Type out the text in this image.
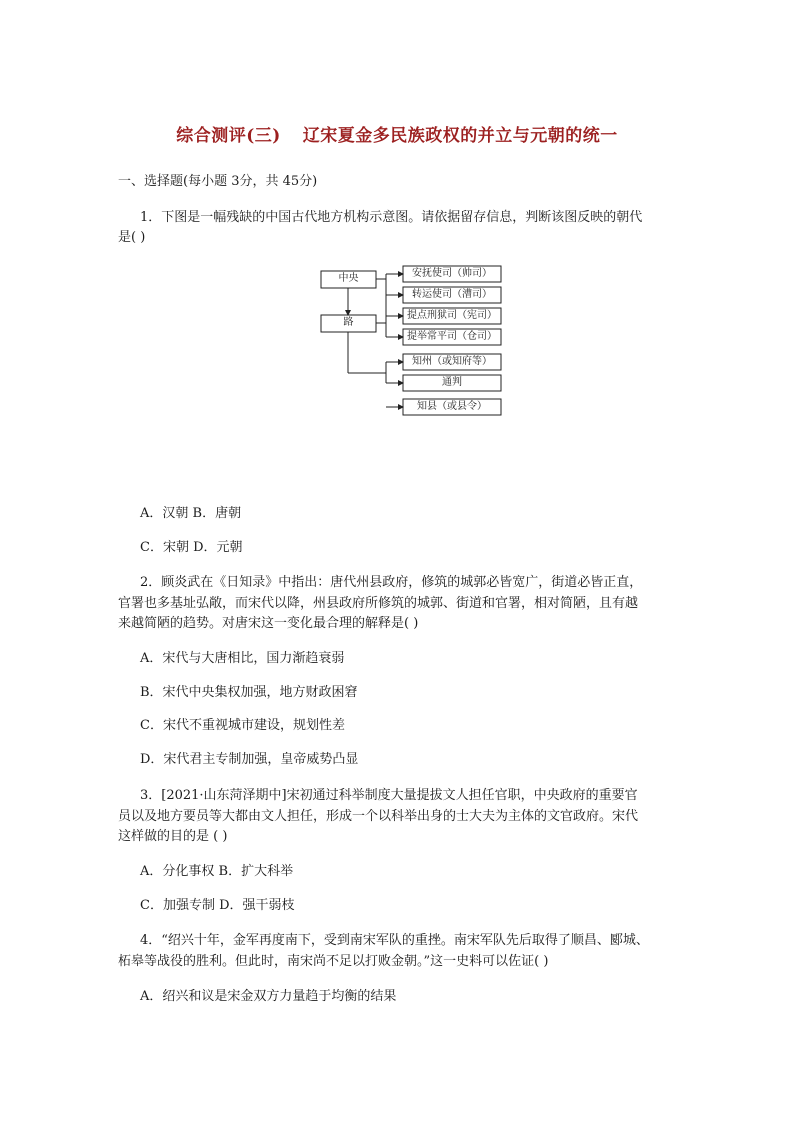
综合测评(三) 辽宋夏金多民族政权的并立与元朝的统一
一、选择题(每小题 3分，共 45分)
1．下图是一幅残缺的中国古代地方机构示意图。请依据留存信息，判断该图反映的朝代
是( )
中央
路
安抚使司（帅司）
转运使司（漕司）
提点刑狱司（宪司）
提举常平司（仓司）
知州（或知府等）
通判
知县（或县令）
A．汉朝 B．唐朝
C．宋朝 D．元朝
2．顾炎武在《日知录》中指出：唐代州县政府，修筑的城郭必皆宽广，街道必皆正直，
官署也多基址弘敞，而宋代以降，州县政府所修筑的城郭、街道和官署，相对简陋，且有越
来越简陋的趋势。对唐宋这一变化最合理的解释是( )
A．宋代与大唐相比，国力渐趋衰弱
B．宋代中央集权加强，地方财政困窘
C．宋代不重视城市建设，规划性差
D．宋代君主专制加强，皇帝威势凸显
3．[2021·山东菏泽期中]宋初通过科举制度大量提拔文人担任官职，中央政府的重要官
员以及地方要员等大都由文人担任，形成一个以科举出身的士大夫为主体的文官政府。宋代
这样做的目的是 ( )
A．分化事权 B．扩大科举
C．加强专制 D．强干弱枝
4．“绍兴十年，金军再度南下，受到南宋军队的重挫。南宋军队先后取得了顺昌、郾城、
柘皋等战役的胜利。但此时，南宋尚不足以打败金朝。”这一史料可以佐证( )
A．绍兴和议是宋金双方力量趋于均衡的结果
